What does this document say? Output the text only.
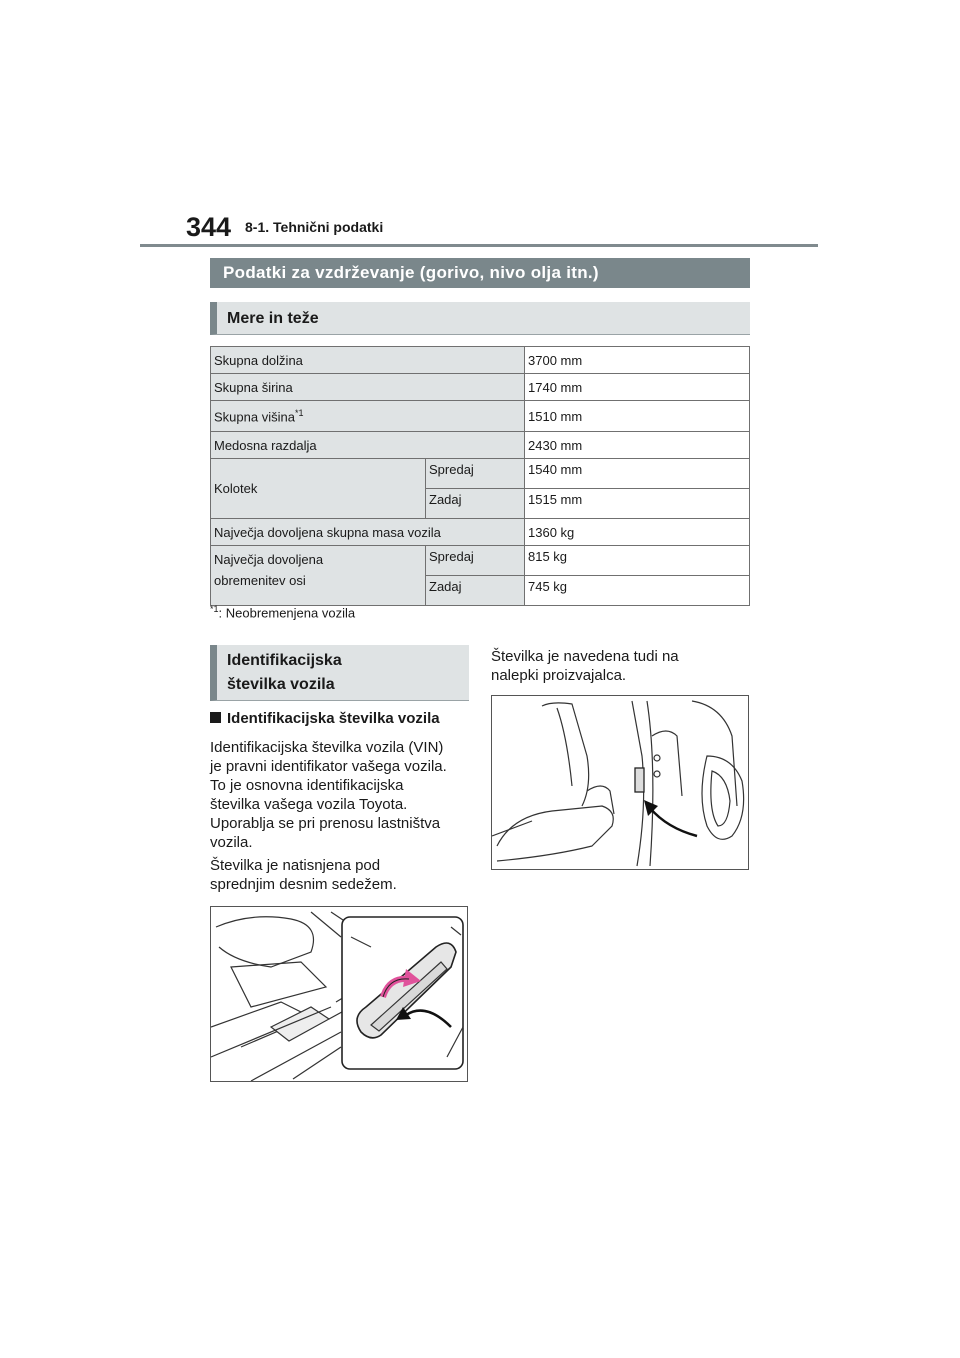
344 8-1. Tehnični podatki
Podatki za vzdrževanje (gorivo, nivo olja itn.)
Mere in teže
Skupna dolžina		3700 mm
Skupna širina		1740 mm
Skupna višina$^{*1}$		1510 mm
Medosna razdalja		2430 mm
Kolotek	Spredaj	1540 mm
	Zadaj	1515 mm
Največja dovoljena skupna masa vozila		1360 kg

Največja dovoljena
obremenitev osi	Spredaj	815 kg
	Zadaj	745 kg
$^{*1}$: Neobremenjena vozila
Identifikacijska
številka vozila
Identifikacijska številka vozila
Identifikacijska številka vozila (VIN)
je pravni identifikator vašega vozila.
To je osnovna identifikacijska
številka vašega vozila Toyota.
Uporablja se pri prenosu lastništva
vozila.
Številka je natisnjena pod
sprednjim desnim sedežem.
Številka je navedena tudi na
nalepki proizvajalca.
